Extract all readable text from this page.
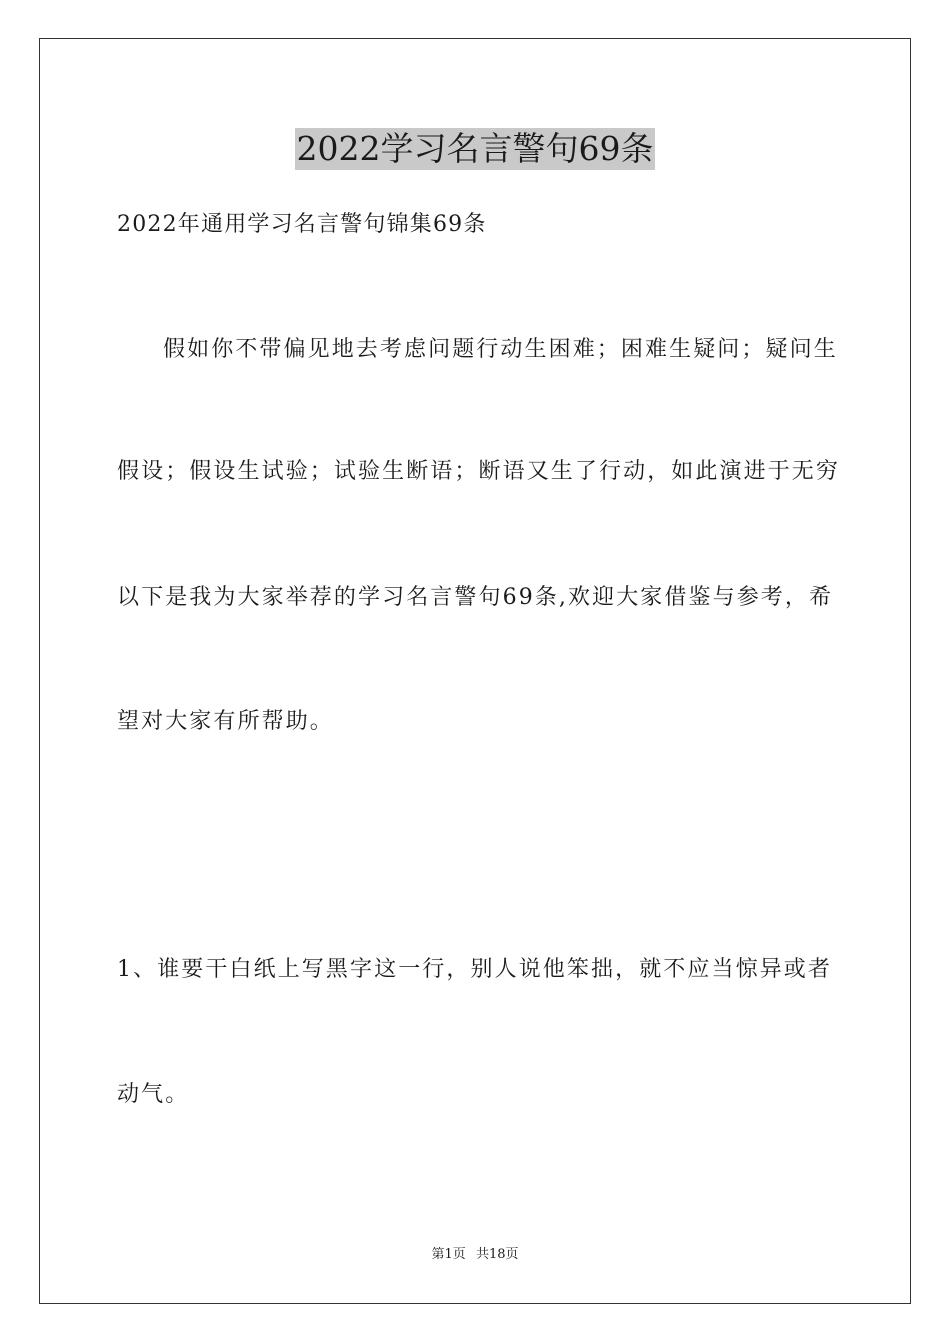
2022学习名言警句69条
2022年通用学习名言警句锦集69条
假如你不带偏见地去考虑问题行动生困难；困难生疑问；疑问生
假设；假设生试验；试验生断语；断语又生了行动，如此演进于无穷
以下是我为大家举荐的学习名言警句69条,欢迎大家借鉴与参考，希
望对大家有所帮助。
1、谁要干白纸上写黑字这一行，别人说他笨拙，就不应当惊异或者
动气。
第1页 共18页
